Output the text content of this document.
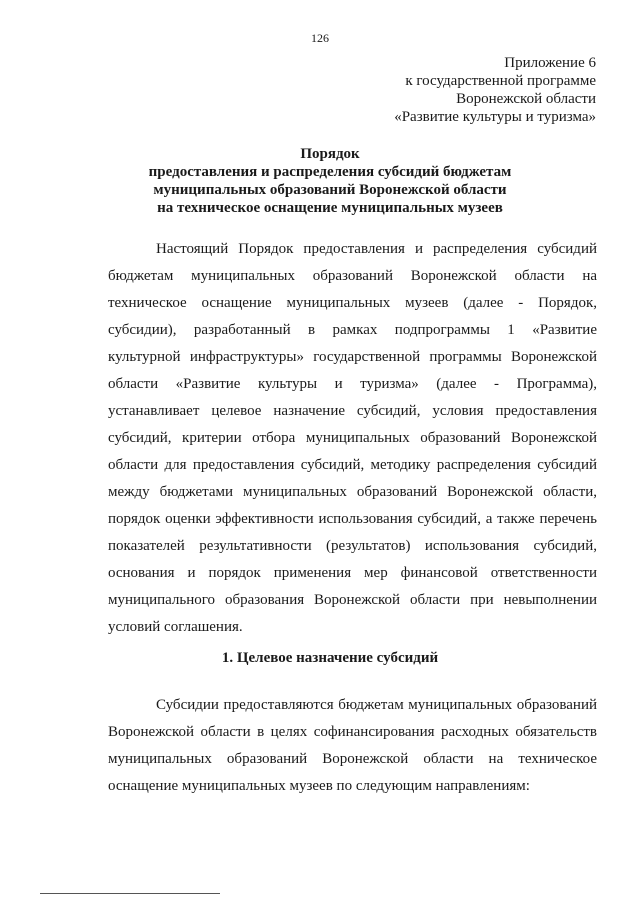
126
Приложение 6
к государственной программе
Воронежской области
«Развитие культуры и туризма»
Порядок
предоставления и распределения субсидий бюджетам
муниципальных образований Воронежской области
на техническое оснащение муниципальных музеев
Настоящий Порядок предоставления и распределения субсидий
бюджетам муниципальных образований Воронежской области на
техническое оснащение муниципальных музеев (далее - Порядок,
субсидии), разработанный в рамках подпрограммы 1 «Развитие
культурной инфраструктуры» государственной программы Воронежской
области «Развитие культуры и туризма» (далее - Программа),
устанавливает целевое назначение субсидий, условия предоставления
субсидий, критерии отбора муниципальных образований Воронежской
области для предоставления субсидий, методику распределения субсидий
между бюджетами муниципальных образований Воронежской области,
порядок оценки эффективности использования субсидий, а также перечень
показателей результативности (результатов) использования субсидий,
основания и порядок применения мер финансовой ответственности
муниципального образования Воронежской области при невыполнении
условий соглашения.
1. Целевое назначение субсидий
Субсидии предоставляются бюджетам муниципальных образований
Воронежской области в целях софинансирования расходных обязательств
муниципальных образований Воронежской области на техническое
оснащение муниципальных музеев по следующим направлениям:
